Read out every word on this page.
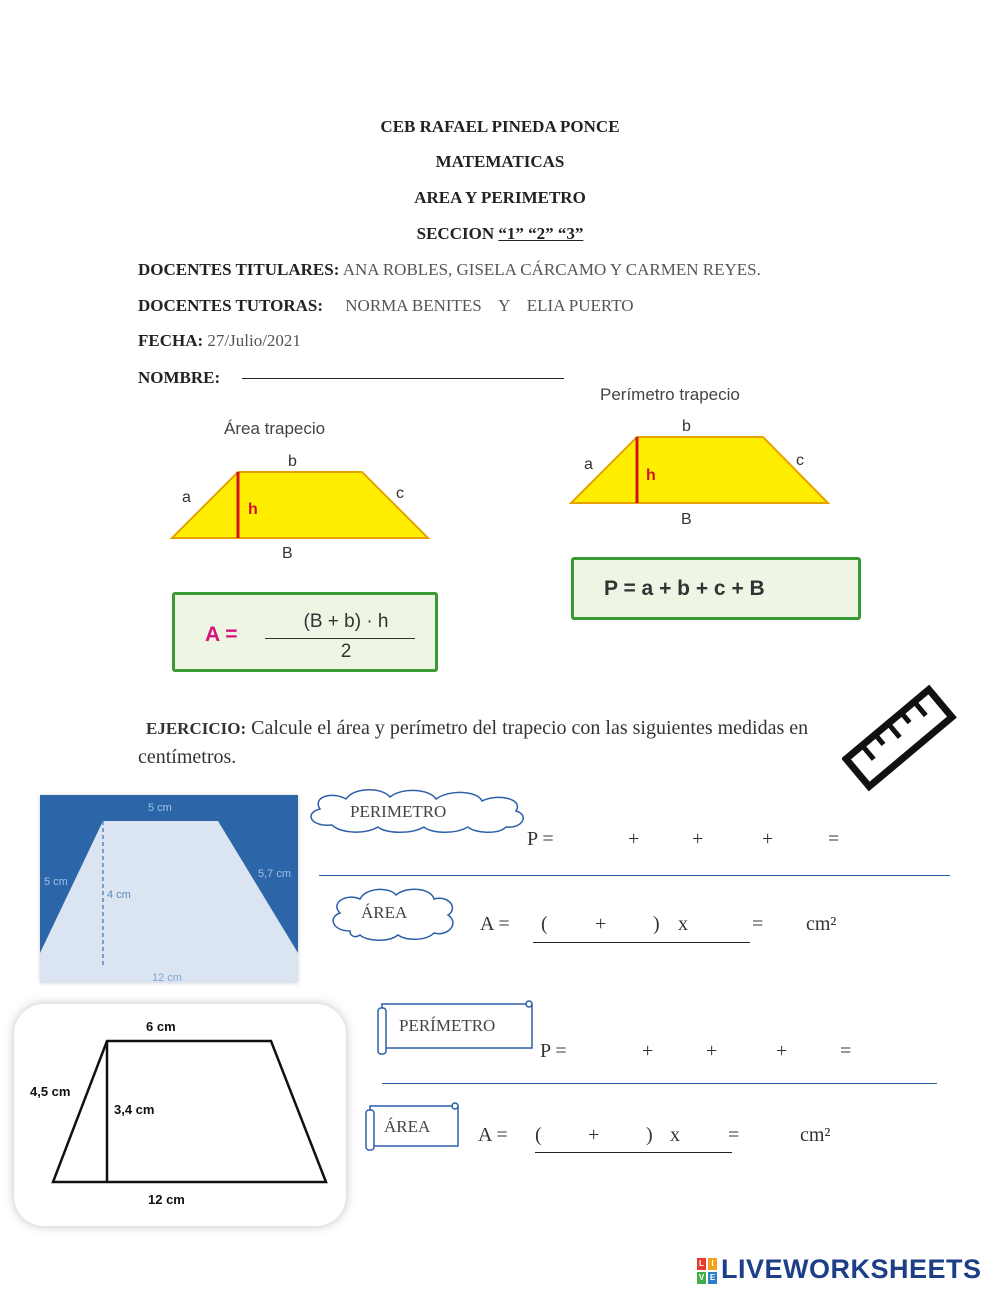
CEB RAFAEL PINEDA PONCE
MATEMATICAS
AREA Y PERIMETRO
SECCION “1” “2” “3”
DOCENTES TITULARES: ANA ROBLES, GISELA CÁRCAMO Y CARMEN REYES.
DOCENTES TUTORAS: NORMA BENITES    Y    ELIA PUERTO
FECHA: 27/Julio/2021
NOMBRE:
Área trapecio
b
a	c
h
B
A =
(B + b) · h
2
Perímetro trapecio
b
a	c
h
B
P = a + b + c + B
EJERCICIO: Calcule el área y perímetro del trapecio con las siguientes medidas en centímetros.
5 cm
5 cm
5,7 cm
4 cm
12 cm
PERIMETRO
P =	+	+	+	=
ÁREA
A = ( + ) x	= cm²
6 cm
4,5 cm
3,4 cm
12 cm
PERÍMETRO
P =	+	+	+	=
ÁREA A = ( + ) x =	cm²
L I
V E LIVEWORKSHEETS
